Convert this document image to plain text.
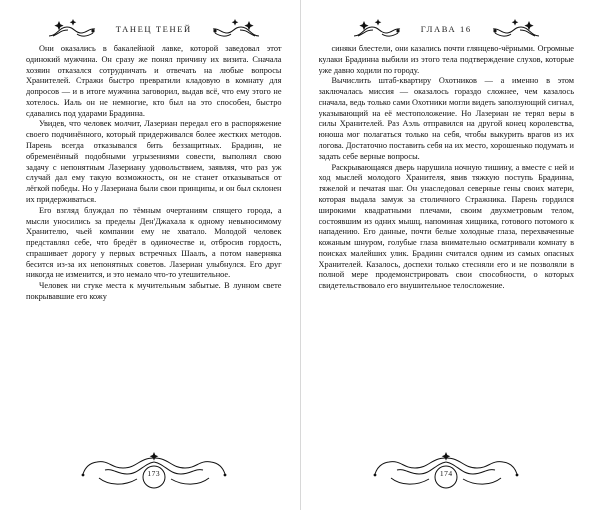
ТАНЕЦ ТЕНЕЙ

Они оказались в бакалейной лавке, которой заведовал этот одинокий мужчина. Он сразу же понял причину их визита. Сначала хозяин отказался сотрудничать и отвечать на любые вопросы Хранителей. Стражи быстро превратили кладовую в комнату для допросов — и в итоге мужчина заговорил, выдав всё, что ему этого не хотелось. Иаль он не немногие, кто был на это способен, быстро сдавались под ударами Брадинна.

Увидев, что человек молчит, Лазериан передал его в распоряжение своего подчинённого, который придерживался более жестких методов. Парень всегда отказывался бить беззащитных. Брадинн, не обременённый подобными угрызениями совести, выполнял свою задачу с непонятным Лазериану удовольствием, заявляя, что раз уж случай дал ему такую возможность, он не станет отказываться от лёгкой победы. Но у Лазериана были свои принципы, и он был склонен их придерживаться.

Его взгляд блуждал по тёмным очертаниям спящего города, а мысли уносились за пределы Ден'Джахала к одному невыносимому Хранителю, чьей компании ему не хватало. Молодой человек представлял себе, что бредёт в одиночестве и, отбросив гордость, спрашивает дорогу у первых встречных Шаалъ, а потом наверняка бесится из-за их непонятных советов. Лазериан улыбнулся. Его друг никогда не изменится, и это немало что-то утешительное.

Человек ни стуке места к мучительным забытые. В лунном свете покрывавшие его кожу

173
ГЛАВА 16

синяки блестели, они казались почти глянцево-чёрными. Огромные кулаки Брадинна выбили из этого тела подтверждение слухов, которые уже давно ходили по городу.

Вычислить штаб-квартиру Охотников — а именно в этом заключалась миссия — оказалось гораздо сложнее, чем казалось сначала, ведь только сами Охотники могли видеть заползующий сигнал, указывающий на её местоположение. Но Лазериан не терял веры в силы Хранителей. Раз Аэль отправился на другой конец королевства, юноша мог полагаться только на себя, чтобы выкурить врагов из их логова. Достаточно поставить себя на их место, хорошенько подумать и задать себе верные вопросы.

Раскрывающаяся дверь нарушила ночную тишину, а вместе с ней и ход мыслей молодого Хранителя, явив тяжкую поступь Брадинна, тяжелой и печатая шаг. Он унаследовал северные гены своих матери, которая выдала замуж за столичного Стражника. Парень гордился широкими квадратными плечами, своим двухметровым телом, состоявшим из одних мышц, напоминая хищника, готового потомого к нападению. Его данные, почти белые холодные глаза, перехваченные кожаным шнуром, голубые глаза внимательно осматривали комнату в поисках малейших улик. Брадинн считался одним из самых опасных Хранителей. Казалось, доспехи только стесняли его и не позволяли в полной мере продемонстрировать свои способности, о которых свидетельствовало его внушительное телосложение.

174
